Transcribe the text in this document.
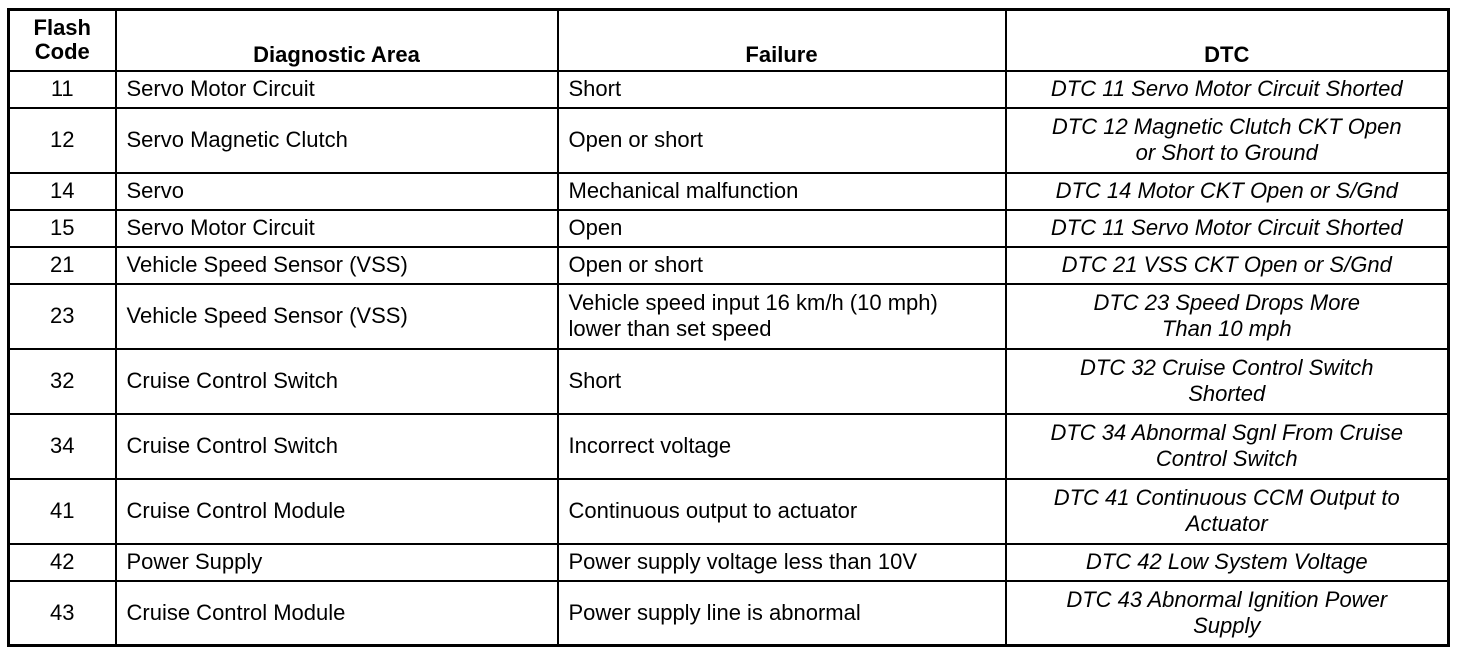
Flash
Code	Diagnostic Area	Failure	DTC
11	Servo Motor Circuit	Short	DTC 11 Servo Motor Circuit Shorted
12	Servo Magnetic Clutch	Open or short	DTC 12 Magnetic Clutch CKT Open
or Short to Ground
14	Servo	Mechanical malfunction	DTC 14 Motor CKT Open or S/Gnd
15	Servo Motor Circuit	Open	DTC 11 Servo Motor Circuit Shorted
21	Vehicle Speed Sensor (VSS)	Open or short	DTC 21 VSS CKT Open or S/Gnd
23	Vehicle Speed Sensor (VSS)	Vehicle speed input 16 km/h (10 mph)
lower than set speed	DTC 23 Speed Drops More
Than 10 mph
32	Cruise Control Switch	Short	DTC 32 Cruise Control Switch
Shorted
34	Cruise Control Switch	Incorrect voltage	DTC 34 Abnormal Sgnl From Cruise
Control Switch
41	Cruise Control Module	Continuous output to actuator	DTC 41 Continuous CCM Output to
Actuator
42	Power Supply	Power supply voltage less than 10V	DTC 42 Low System Voltage
43	Cruise Control Module	Power supply line is abnormal	DTC 43 Abnormal Ignition Power
Supply
